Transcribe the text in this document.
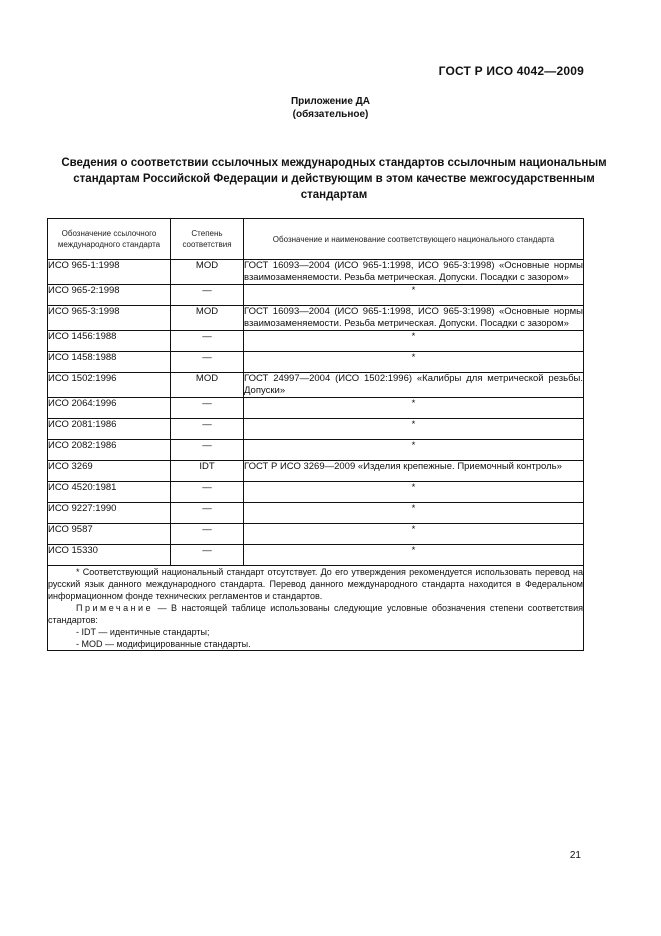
ГОСТ Р ИСО 4042—2009
Приложение ДА
(обязательное)
Сведения о соответствии ссылочных международных стандартов ссылочным национальным
стандартам Российской Федерации и действующим в этом качестве межгосударственным
стандартам
Обозначение ссылочного международного стандарта	Степень соответствия	Обозначение и наименование соответствующего национального стандарта
ИСО 965-1:1998	MOD	ГОСТ 16093—2004 (ИСО 965-1:1998, ИСО 965-3:1998) «Основные нормы взаимозаменяемости. Резьба метрическая. Допуски. Посадки с зазором»
ИСО 965-2:1998	—	*
ИСО 965-3:1998	MOD	ГОСТ 16093—2004 (ИСО 965-1:1998, ИСО 965-3:1998) «Основные нормы взаимозаменяемости. Резьба метрическая. Допуски. Посадки с зазором»
ИСО 1456:1988	—	*
ИСО 1458:1988	—	*
ИСО 1502:1996	MOD	ГОСТ 24997—2004 (ИСО 1502:1996) «Калибры для метрической резьбы. Допуски»
ИСО 2064:1996	—	*
ИСО 2081:1986	—	*
ИСО 2082:1986	—	*
ИСО 3269	IDT	ГОСТ Р ИСО 3269—2009 «Изделия крепежные. Приемочный контроль»
ИСО 4520:1981	—	*
ИСО 9227:1990	—	*
ИСО 9587	—	*
ИСО 15330	—	*

* Соответствующий национальный стандарт отсутствует. До его утверждения рекомендуется использовать перевод на русский язык данного международного стандарта. Перевод данного международного стандарта находится в Федеральном информационном фонде технических регламентов и стандартов.

Примечание — В настоящей таблице использованы следующие условные обозначения степени соответствия стандартов:

- IDT — идентичные стандарты;

- MOD — модифицированные стандарты.		

21
